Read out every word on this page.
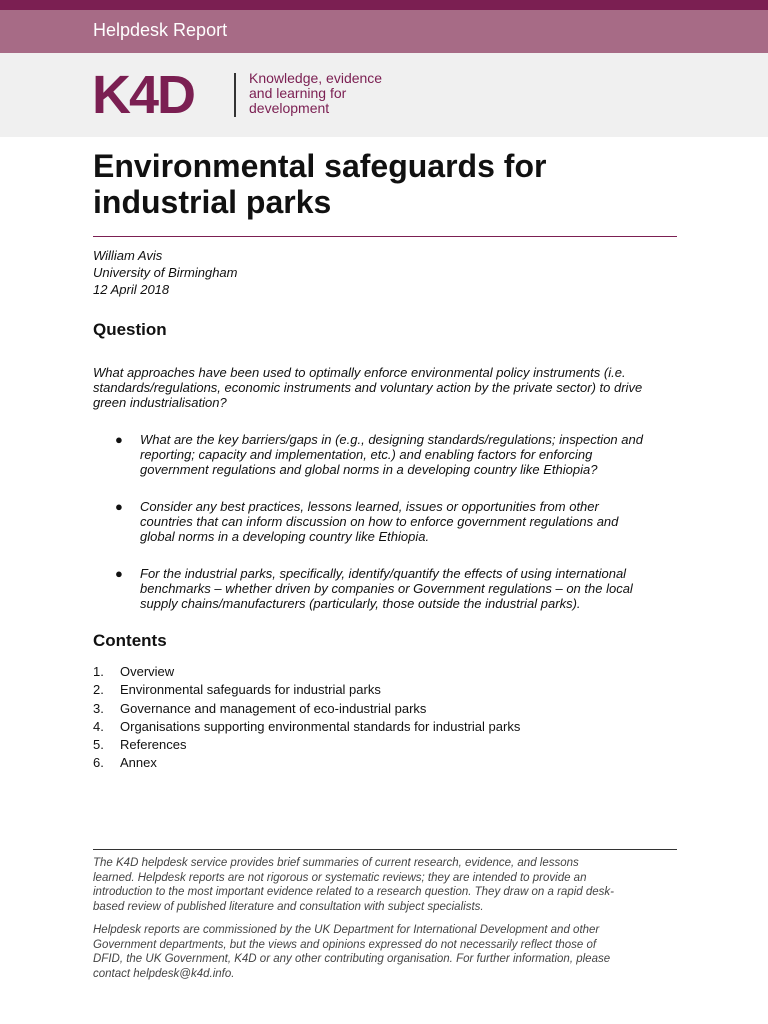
Helpdesk Report
K4D	Knowledge, evidence
and learning for
development
Environmental safeguards for
industrial parks
William Avis
University of Birmingham
12 April 2018
Question
What approaches have been used to optimally enforce environmental policy instruments (i.e.
standards/regulations, economic instruments and voluntary action by the private sector) to drive
green industrialisation?
● What are the key barriers/gaps in (e.g., designing standards/regulations; inspection and
reporting; capacity and implementation, etc.) and enabling factors for enforcing
government regulations and global norms in a developing country like Ethiopia?
● Consider any best practices, lessons learned, issues or opportunities from other
countries that can inform discussion on how to enforce government regulations and
global norms in a developing country like Ethiopia.
● For the industrial parks, specifically, identify/quantify the effects of using international
benchmarks – whether driven by companies or Government regulations – on the local
supply chains/manufacturers (particularly, those outside the industrial parks).
Contents
1. Overview
2. Environmental safeguards for industrial parks
3. Governance and management of eco-industrial parks
4. Organisations supporting environmental standards for industrial parks
5. References
6. Annex
The K4D helpdesk service provides brief summaries of current research, evidence, and lessons
learned. Helpdesk reports are not rigorous or systematic reviews; they are intended to provide an
introduction to the most important evidence related to a research question. They draw on a rapid desk-
based review of published literature and consultation with subject specialists.
Helpdesk reports are commissioned by the UK Department for International Development and other
Government departments, but the views and opinions expressed do not necessarily reflect those of
DFID, the UK Government, K4D or any other contributing organisation. For further information, please
contact helpdesk@k4d.info.
